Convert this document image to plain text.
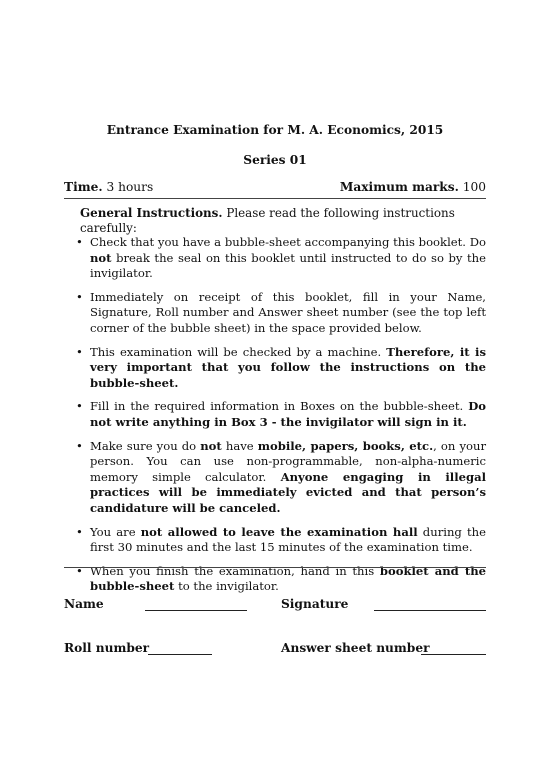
Entrance Examination for M. A. Economics, 2015
Series 01
Time. 3 hours	Maximum marks. 100
General Instructions. Please read the following instructions carefully:
• Check that you have a bubble-sheet accompanying this booklet. Do not break the seal on this booklet until instructed to do so by the invigilator.
• Immediately on receipt of this booklet, fill in your Name, Signature, Roll number and Answer sheet number (see the top left corner of the bubble sheet) in the space provided below.
• This examination will be checked by a machine. Therefore, it is very important that you follow the instructions on the bubble-sheet.
• Fill in the required information in Boxes on the bubble-sheet. Do not write anything in Box 3 - the invigilator will sign in it.
• Make sure you do not have mobile, papers, books, etc., on your person. You can use non-programmable, non-alpha-numeric memory simple calculator. Anyone engaging in illegal practices will be immediately evicted and that person’s candidature will be canceled.
• You are not allowed to leave the examination hall during the first 30 minutes and the last 15 minutes of the examination time.
• When you finish the examination, hand in this booklet and the bubble-sheet to the invigilator.
Name	Signature
Roll number	Answer sheet number
